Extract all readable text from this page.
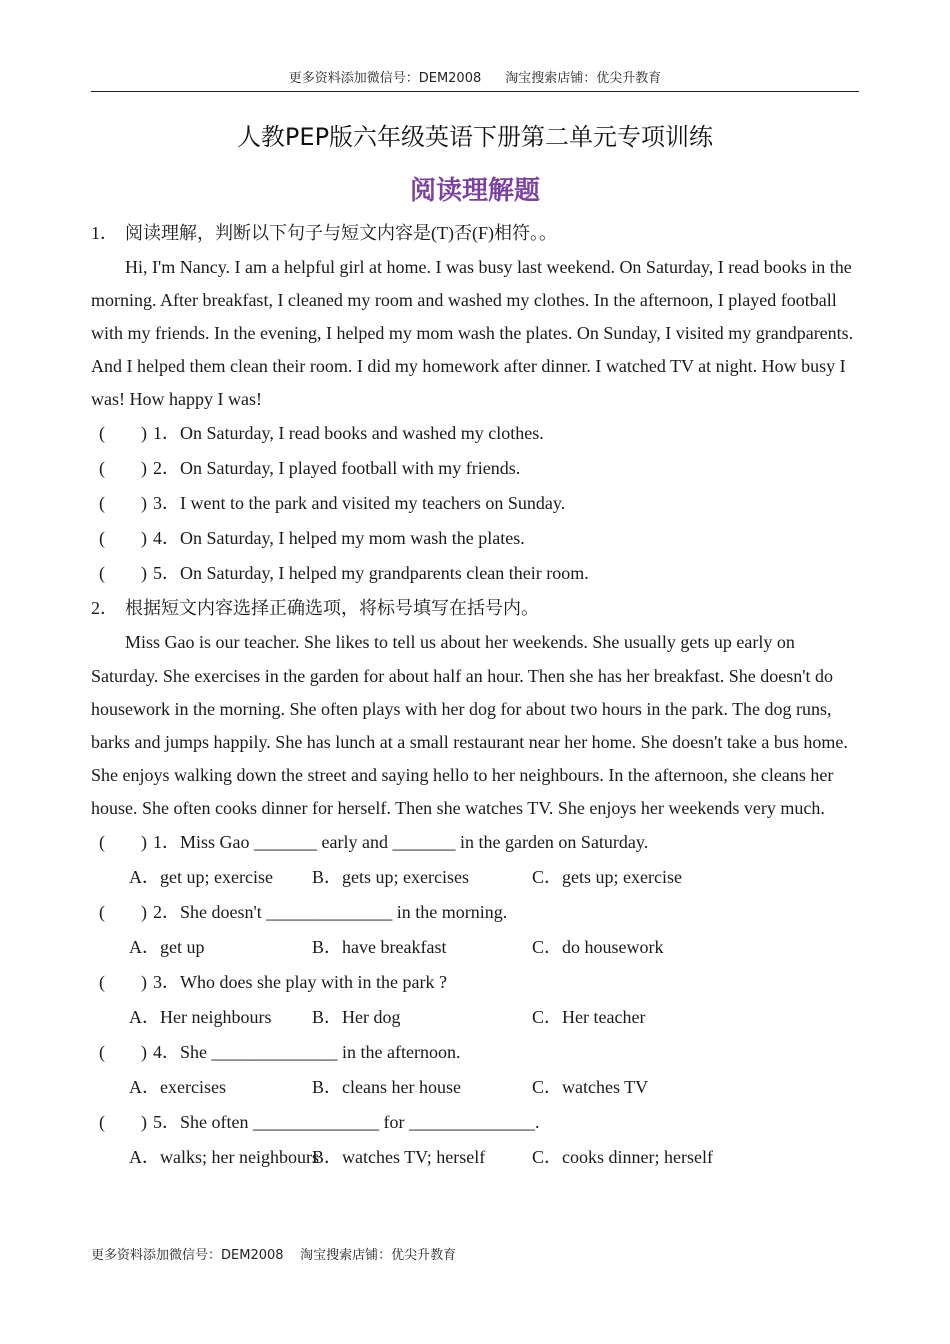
更多资料添加微信号：DEM2008 淘宝搜索店铺：优尖升教育
人教PEP版六年级英语下册第二单元专项训练
阅读理解题
1． 阅读理解，判断以下句子与短文内容是(T)否(F)相符。。

Hi, I'm Nancy. I am a helpful girl at home. I was busy last weekend. On Saturday, I read books in the morning. After breakfast, I cleaned my room and washed my clothes. In the afternoon, I played football with my friends. In the evening, I helped my mom wash the plates. On Sunday, I visited my grandparents. And I helped them clean their room. I did my homework after dinner. I watched TV at night. How busy I was! How happy I was!

(　　) 1．On Saturday, I read books and washed my clothes.
(　　) 2．On Saturday, I played football with my friends.
(　　) 3．I went to the park and visited my teachers on Sunday.
(　　) 4．On Saturday, I helped my mom wash the plates.
(　　) 5．On Saturday, I helped my grandparents clean their room.
2． 根据短文内容选择正确选项，将标号填写在括号内。

Miss Gao is our teacher. She likes to tell us about her weekends. She usually gets up early on Saturday. She exercises in the garden for about half an hour. Then she has her breakfast. She doesn't do housework in the morning. She often plays with her dog for about two hours in the park. The dog runs, barks and jumps happily. She has lunch at a small restaurant near her home. She doesn't take a bus home. She enjoys walking down the street and saying hello to her neighbours. In the afternoon, she cleans her house. She often cooks dinner for herself. Then she watches TV. She enjoys her weekends very much.

(　　) 1．Miss Gao _______ early and _______ in the garden on Saturday.
A．get up; exercise B．gets up; exercises	C．gets up; exercise
(　　) 2．She doesn't ______________ in the morning.
A．get up	B．have breakfast	C．do housework
(　　) 3．Who does she play with in the park ?
A．Her neighbours B．Her dog	C．Her teacher
(　　) 4．She ______________ in the afternoon.
A．exercises	B．cleans her house	C．watches TV
(　　) 5．She often ______________ for ______________.
A．walks; her neighbours
B．watches TV; herself	C．cooks dinner; herself
更多资料添加微信号：DEM2008 淘宝搜索店铺：优尖升教育
